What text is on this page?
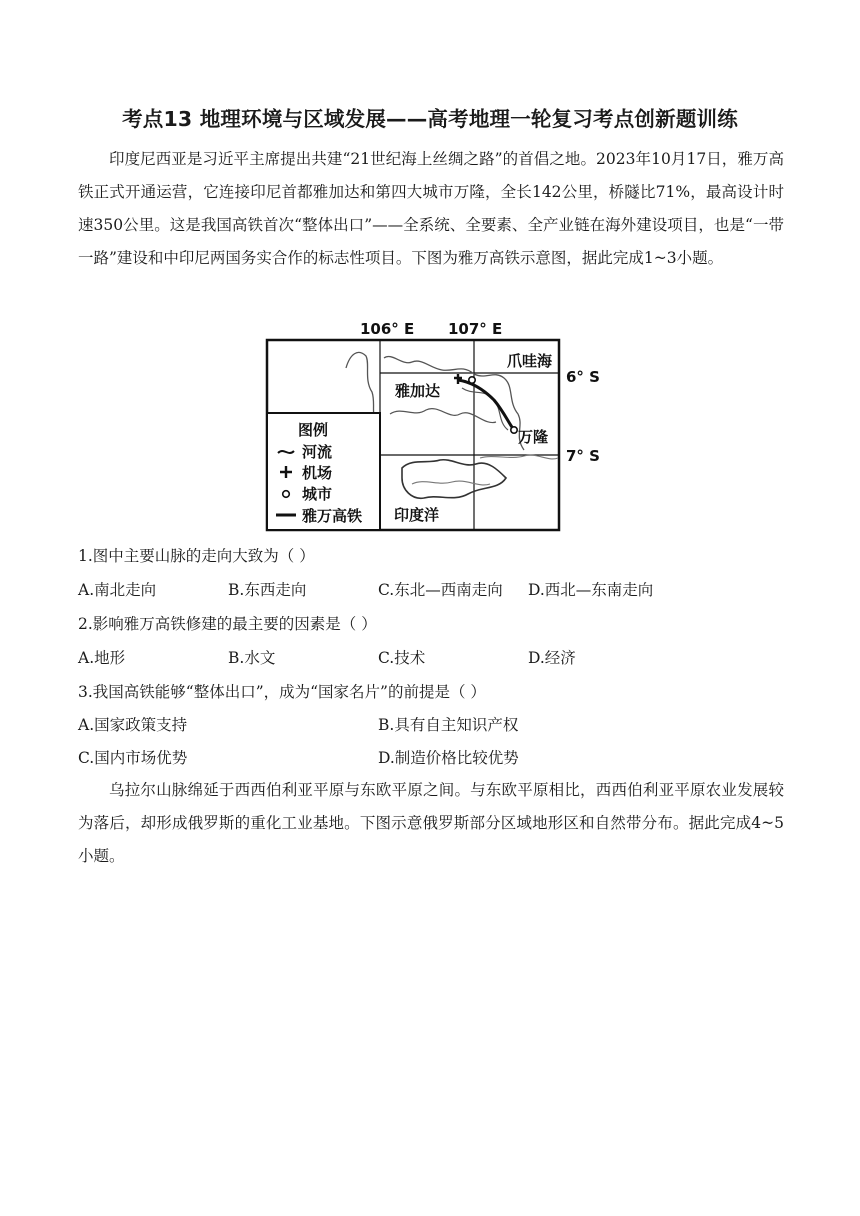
考点13 地理环境与区域发展——高考地理一轮复习考点创新题训练

印度尼西亚是习近平主席提出共建“21世纪海上丝绸之路”的首倡之地。2023年10月17日，雅万高铁正式开通运营，它连接印尼首都雅加达和第四大城市万隆，全长142公里，桥隧比71%，最高设计时速350公里。这是我国高铁首次“整体出口”——全系统、全要素、全产业链在海外建设项目，也是“一带一路”建设和中印尼两国务实合作的标志性项目。下图为雅万高铁示意图，据此完成1~3小题。

106° E 107° E
6° S
7° S
爪哇海
雅加达
万隆
印度洋
图例
河流
机场
城市
雅万高铁
1.图中主要山脉的走向大致为（ ）
A.南北走向	B.东西走向	C.东北—西南走向 D.西北—东南走向
2.影响雅万高铁修建的最主要的因素是（ ）
A.地形	B.水文	C.技术	D.经济
3.我国高铁能够“整体出口”，成为“国家名片”的前提是（ ）
A.国家政策支持	B.具有自主知识产权
C.国内市场优势	D.制造价格比较优势

乌拉尔山脉绵延于西西伯利亚平原与东欧平原之间。与东欧平原相比，西西伯利亚平原农业发展较为落后，却形成俄罗斯的重化工业基地。下图示意俄罗斯部分区域地形区和自然带分布。据此完成4~5小题。
